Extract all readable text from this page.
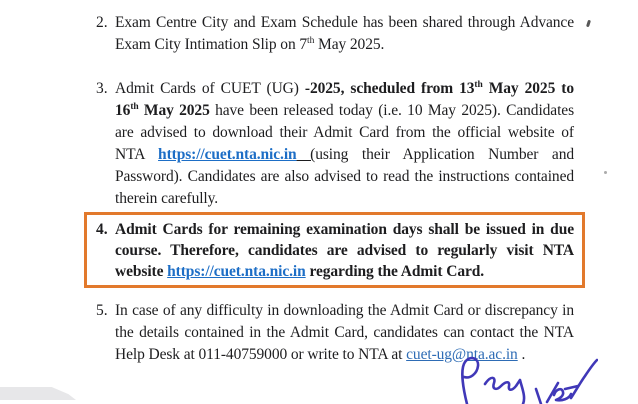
2. Exam Centre City and Exam Schedule has been shared through Advance Exam City Intimation Slip on 7th May 2025.

3. Admit Cards of CUET (UG) -2025, scheduled from 13th May 2025 to 16th May 2025 have been released today (i.e. 10 May 2025). Candidates are advised to download their Admit Card from the official website of NTA https://cuet.nta.nic.in (using their Application Number and Password). Candidates are also advised to read the instructions contained therein carefully.

4. Admit Cards for remaining examination days shall be issued in due course. Therefore, candidates are advised to regularly visit NTA website https://cuet.nta.nic.in regarding the Admit Card.

5. In case of any difficulty in downloading the Admit Card or discrepancy in the details contained in the Admit Card, candidates can contact the NTA Help Desk at 011-40759000 or write to NTA at cuet-ug@nta.ac.in .
